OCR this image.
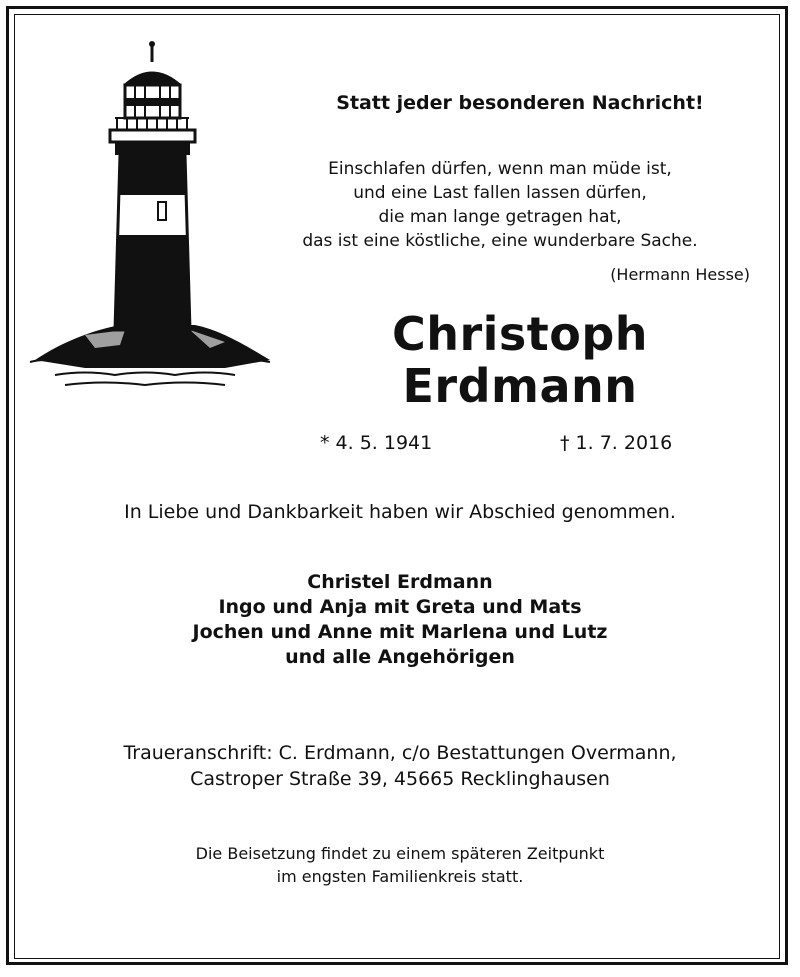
Statt jeder besonderen Nachricht!
Einschlafen dürfen, wenn man müde ist,
und eine Last fallen lassen dürfen,
die man lange getragen hat,
das ist eine köstliche, eine wunderbare Sache.
(Hermann Hesse)
Christoph
Erdmann
* 4. 5. 1941	† 1. 7. 2016
In Liebe und Dankbarkeit haben wir Abschied genommen.
Christel Erdmann
Ingo und Anja mit Greta und Mats
Jochen und Anne mit Marlena und Lutz
und alle Angehörigen
Traueranschrift: C. Erdmann, c/o Bestattungen Overmann,
Castroper Straße 39, 45665 Recklinghausen
Die Beisetzung findet zu einem späteren Zeitpunkt
im engsten Familienkreis statt.
